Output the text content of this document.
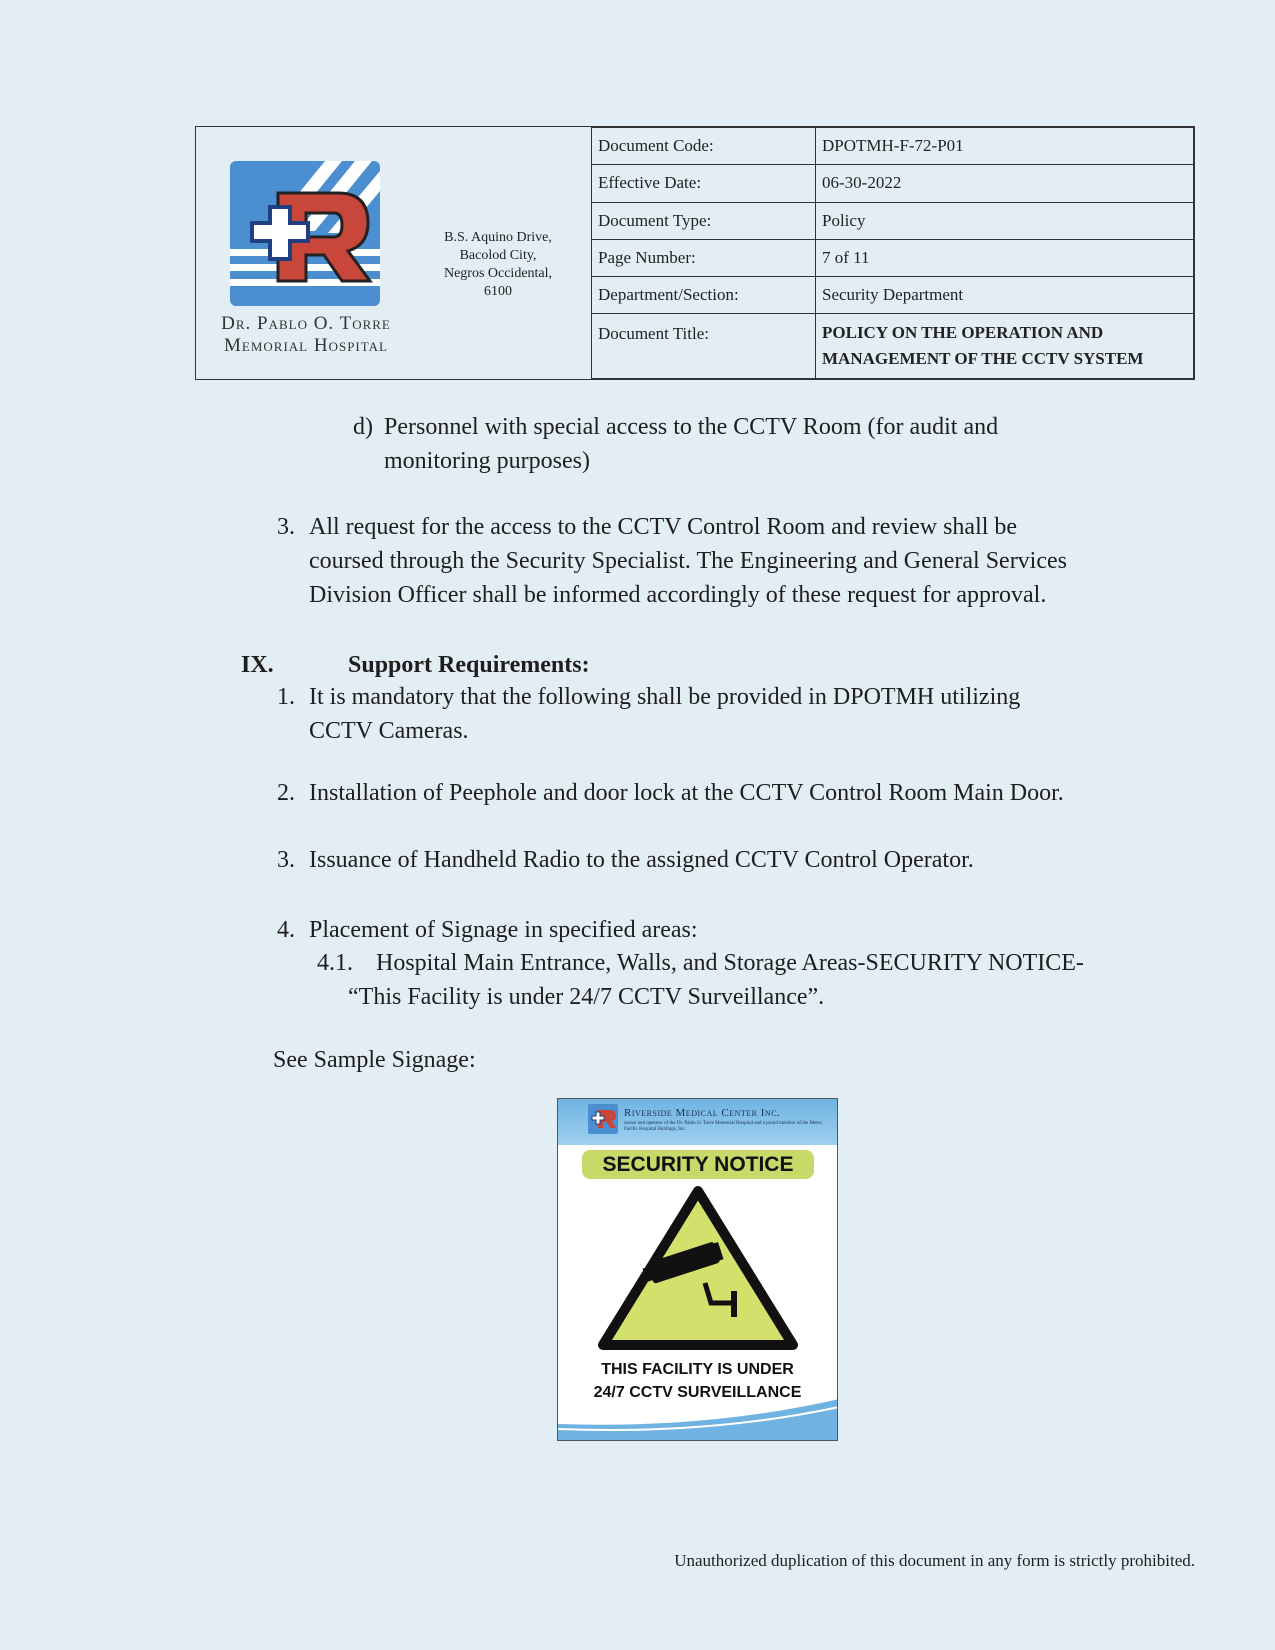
Dr. Pablo O. Torre
Memorial Hospital
B.S. Aquino Drive,
Bacolod City,
Negros Occidental,
6100
Document Code:	DPOTMH-F-72-P01
Effective Date:	06-30-2022
Document Type:	Policy
Page Number:	7 of 11
Department/Section:	Security Department
Document Title:	POLICY ON THE OPERATION AND
MANAGEMENT OF THE CCTV SYSTEM
d) Personnel with special access to the CCTV Room (for audit and
monitoring purposes)
3. All request for the access to the CCTV Control Room and review shall be
coursed through the Security Specialist. The Engineering and General Services
Division Officer shall be informed accordingly of these request for approval.
IX.	Support Requirements:
1. It is mandatory that the following shall be provided in DPOTMH utilizing
CCTV Cameras.
2. Installation of Peephole and door lock at the CCTV Control Room Main Door.
3. Issuance of Handheld Radio to the assigned CCTV Control Operator.
4. Placement of Signage in specified areas:
4.1. Hospital Main Entrance, Walls, and Storage Areas-SECURITY NOTICE-
“This Facility is under 24/7 CCTV Surveillance”.
See Sample Signage:
Riverside Medical Center Inc.
owner and operator of the Dr. Pablo O. Torre Memorial Hospital and a proud member of the Metro Pacific Hospital Holdings, Inc.
SECURITY NOTICE
THIS FACILITY IS UNDER
24/7 CCTV SURVEILLANCE
Unauthorized duplication of this document in any form is strictly prohibited.
